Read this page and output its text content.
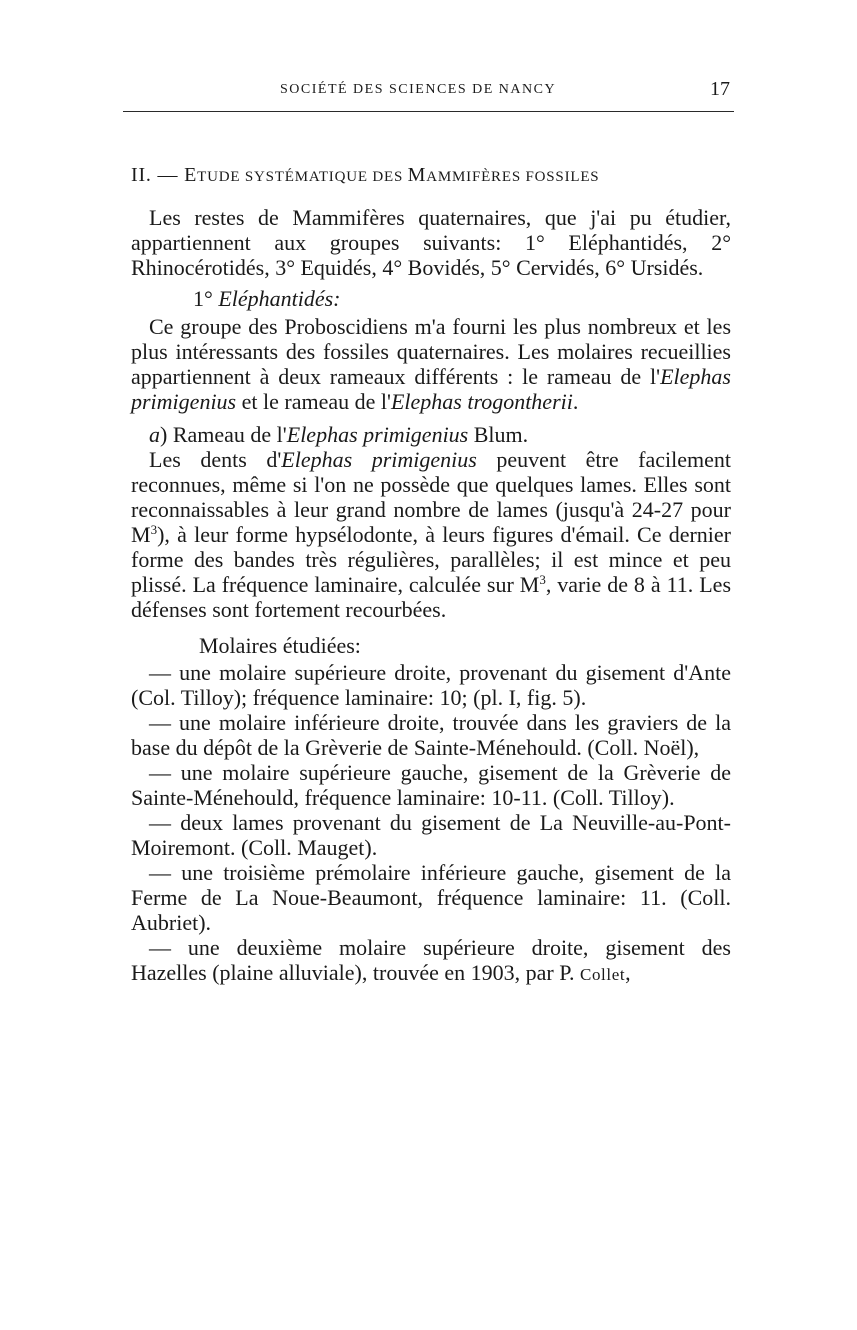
SOCIÉTÉ DES SCIENCES DE NANCY	17
II. — ETUDE SYSTÉMATIQUE DES MAMMIFÈRES FOSSILES

Les restes de Mammifères quaternaires, que j'ai pu étudier, appartiennent aux groupes suivants: 1° Eléphantidés, 2° Rhinocérotidés, 3° Equidés, 4° Bovidés, 5° Cervidés, 6° Ursidés.

1° Eléphantidés:

Ce groupe des Proboscidiens m'a fourni les plus nombreux et les plus intéressants des fossiles quaternaires. Les molaires recueillies appartiennent à deux rameaux différents : le rameau de l'Elephas primigenius et le rameau de l'Elephas trogontherii.

a) Rameau de l'Elephas primigenius Blum.

Les dents d'Elephas primigenius peuvent être facilement reconnues, même si l'on ne possède que quelques lames. Elles sont reconnaissables à leur grand nombre de lames (jusqu'à 24-27 pour $M^3$), à leur forme hypsélodonte, à leurs figures d'émail. Ce dernier forme des bandes très régulières, parallèles; il est mince et peu plissé. La fréquence laminaire, calculée sur $M^3$, varie de 8 à 11. Les défenses sont fortement recourbées.

Molaires étudiées:

— une molaire supérieure droite, provenant du gisement d'Ante (Col. Tilloy); fréquence laminaire: 10; (pl. I, fig. 5).

— une molaire inférieure droite, trouvée dans les graviers de la base du dépôt de la Grèverie de Sainte-Ménehould. (Coll. Noël),

— une molaire supérieure gauche, gisement de la Grèverie de Sainte-Ménehould, fréquence laminaire: 10-11. (Coll. Tilloy).

— deux lames provenant du gisement de La Neuville-au-Pont-Moiremont. (Coll. Mauget).

— une troisième prémolaire inférieure gauche, gisement de la Ferme de La Noue-Beaumont, fréquence laminaire: 11. (Coll. Aubriet).

— une deuxième molaire supérieure droite, gisement des Hazelles (plaine alluviale), trouvée en 1903, par P. Collet,
